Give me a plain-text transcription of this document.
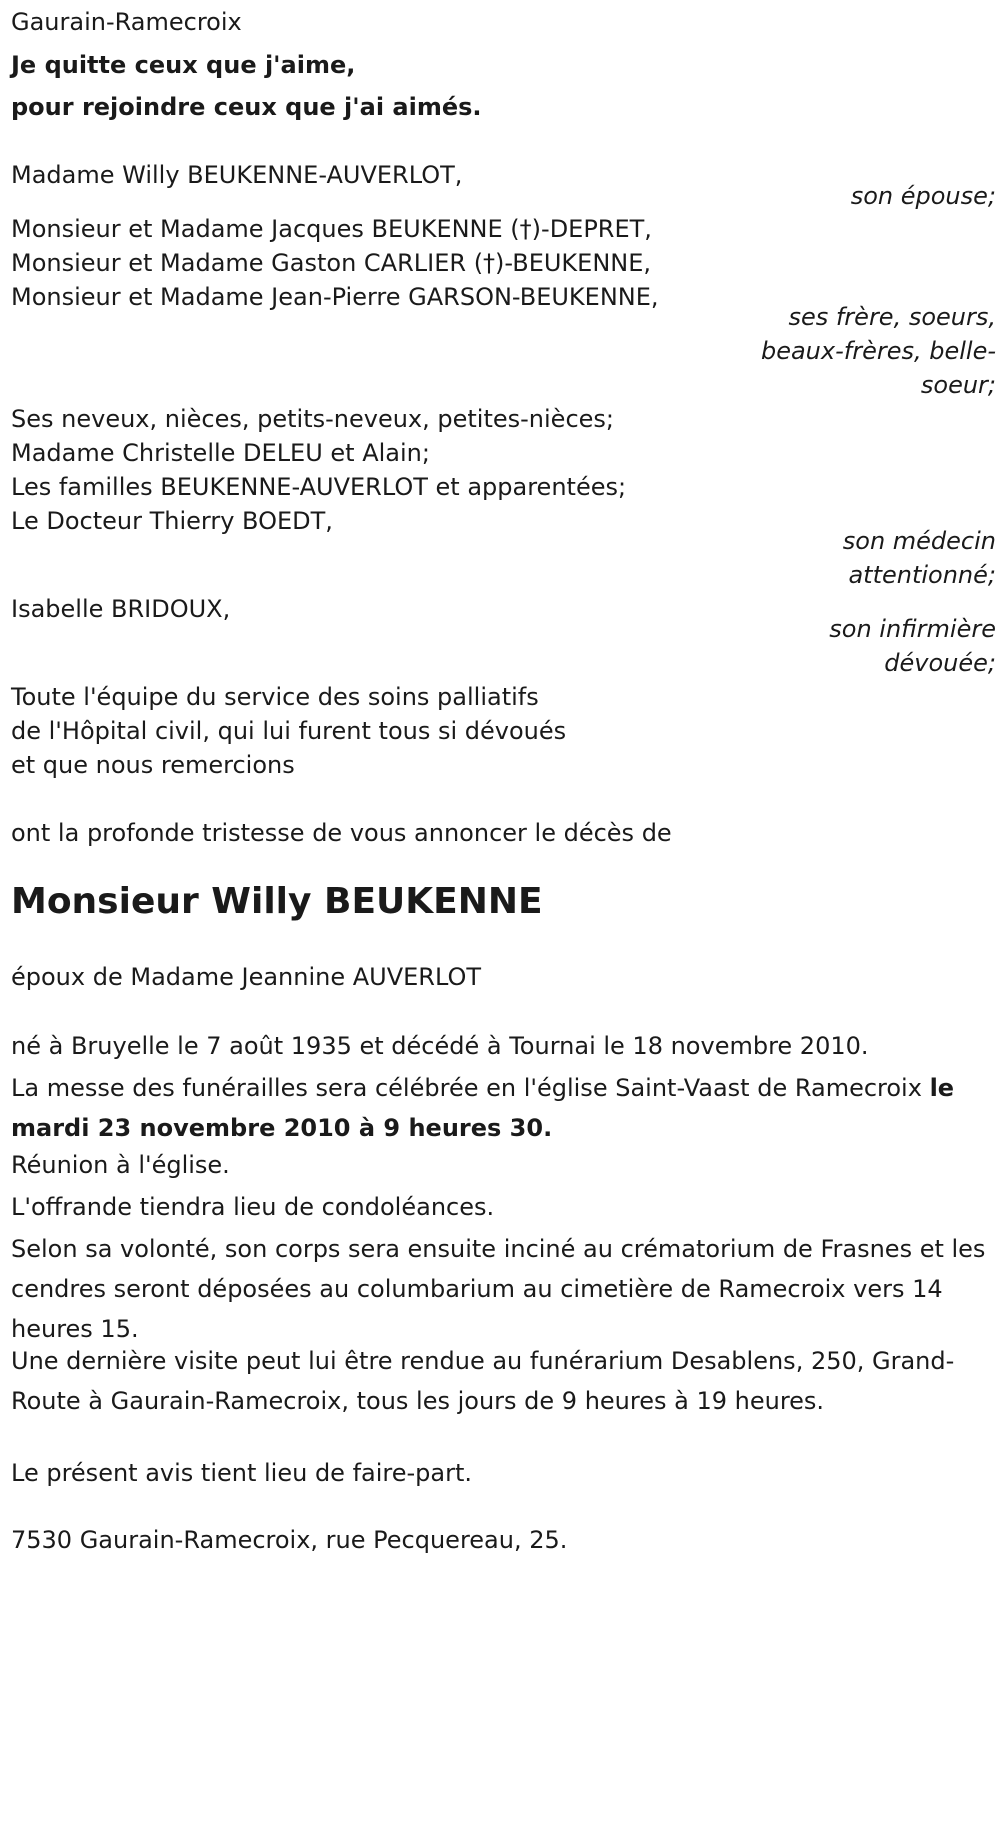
Gaurain-Ramecroix
Je quitte ceux que j'aime,
pour rejoindre ceux que j'ai aimés.
Madame Willy BEUKENNE-AUVERLOT,
son épouse;
Monsieur et Madame Jacques BEUKENNE (†)-DEPRET,
Monsieur et Madame Gaston CARLIER (†)-BEUKENNE,
Monsieur et Madame Jean-Pierre GARSON-BEUKENNE,
ses frère, soeurs,
beaux-frères, belle-
soeur;
Ses neveux, nièces, petits-neveux, petites-nièces;
Madame Christelle DELEU et Alain;
Les familles BEUKENNE-AUVERLOT et apparentées;
Le Docteur Thierry BOEDT,
son médecin
attentionné;
Isabelle BRIDOUX,
son infirmière
dévouée;
Toute l'équipe du service des soins palliatifs
de l'Hôpital civil, qui lui furent tous si dévoués
et que nous remercions
ont la profonde tristesse de vous annoncer le décès de
Monsieur Willy BEUKENNE
époux de Madame Jeannine AUVERLOT
né à Bruyelle le 7 août 1935 et décédé à Tournai le 18 novembre 2010.
La messe des funérailles sera célébrée en l'église Saint-Vaast de Ramecroix le mardi 23 novembre 2010 à 9 heures 30.
Réunion à l'église.
L'offrande tiendra lieu de condoléances.
Selon sa volonté, son corps sera ensuite inciné au crématorium de Frasnes et les cendres seront déposées au columbarium au cimetière de Ramecroix vers 14 heures 15.
Une dernière visite peut lui être rendue au funérarium Desablens, 250, Grand-Route à Gaurain-Ramecroix, tous les jours de 9 heures à 19 heures.
Le présent avis tient lieu de faire-part.
7530 Gaurain-Ramecroix, rue Pecquereau, 25.
